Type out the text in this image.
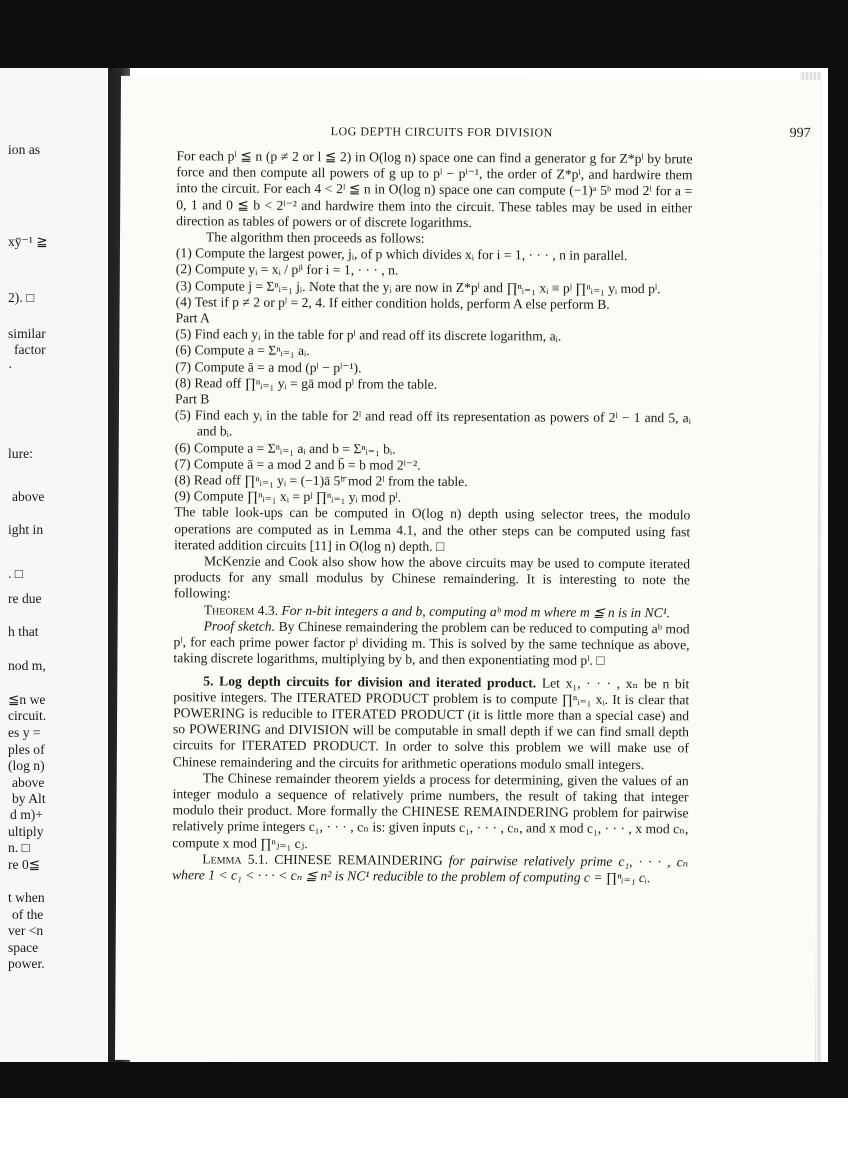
ion as
xȳ⁻¹ ≧
2). □
similar
factor
·
lure:
above
ight in
. □
re due
h that
nod m,
≦n we
circuit.
es y =
ples of
(log n)
above
by Alt
d m)+
ultiply
n. □
re 0≦
t when
of the
ver <n
space
power.
LOG DEPTH CIRCUITS FOR DIVISION	997

For each pˡ ≦ n (p ≠ 2 or l ≦ 2) in O(log n) space one can find a generator g for Z*pˡ by brute force and then compute all powers of g up to pˡ − pˡ⁻¹, the order of Z*pˡ, and hardwire them into the circuit. For each 4 < 2ˡ ≦ n in O(log n) space one can compute (−1)ᵃ 5ᵇ mod 2ˡ for a = 0, 1 and 0 ≦ b < 2ˡ⁻² and hardwire them into the circuit. These tables may be used in either direction as tables of powers or of discrete logarithms.

The algorithm then proceeds as follows:

(1) Compute the largest power, jᵢ, of p which divides xᵢ for i = 1, · · · , n in parallel.

(2) Compute yᵢ = xᵢ / pʲⁱ for i = 1, · · · , n.

(3) Compute j = Σⁿᵢ₌₁ jᵢ. Note that the yᵢ are now in Z*pˡ and ∏ⁿᵢ₌₁ xᵢ ≡ pʲ ∏ⁿᵢ₌₁ yᵢ mod pˡ.

(4) Test if p ≠ 2 or pˡ = 2, 4. If either condition holds, perform A else perform B.

Part A

(5) Find each yᵢ in the table for pˡ and read off its discrete logarithm, aᵢ.

(6) Compute a = Σⁿᵢ₌₁ aᵢ.

(7) Compute ā = a mod (pˡ − pˡ⁻¹).

(8) Read off ∏ⁿᵢ₌₁ yᵢ = gā mod pˡ from the table.

Part B

(5) Find each yᵢ in the table for 2ˡ and read off its representation as powers of 2ˡ − 1 and 5, aᵢ and bᵢ.

(6) Compute a = Σⁿᵢ₌₁ aᵢ and b = Σⁿᵢ₌₁ bᵢ.

(7) Compute ā = a mod 2 and b̄ = b mod 2ˡ⁻².

(8) Read off ∏ⁿᵢ₌₁ yᵢ = (−1)ā 5ᵇ̄ mod 2ˡ from the table.

(9) Compute ∏ⁿᵢ₌₁ xᵢ = pʲ ∏ⁿᵢ₌₁ yᵢ mod pˡ.

The table look-ups can be computed in O(log n) depth using selector trees, the modulo operations are computed as in Lemma 4.1, and the other steps can be computed using fast iterated addition circuits [11] in O(log n) depth. □

McKenzie and Cook also show how the above circuits may be used to compute iterated products for any small modulus by Chinese remaindering. It is interesting to note the following:

Theorem 4.3. For n-bit integers a and b, computing aᵇ mod m where m ≦ n is in NC¹.

Proof sketch. By Chinese remaindering the problem can be reduced to computing aᵇ mod pˡ, for each prime power factor pˡ dividing m. This is solved by the same technique as above, taking discrete logarithms, multiplying by b, and then exponentiating mod pˡ. □

5. Log depth circuits for division and iterated product. Let x₁, · · · , xₙ be n bit positive integers. The ITERATED PRODUCT problem is to compute ∏ⁿᵢ₌₁ xᵢ. It is clear that POWERING is reducible to ITERATED PRODUCT (it is little more than a special case) and so POWERING and DIVISION will be computable in small depth if we can find small depth circuits for ITERATED PRODUCT. In order to solve this problem we will make use of Chinese remaindering and the circuits for arithmetic operations modulo small integers.

The Chinese remainder theorem yields a process for determining, given the values of an integer modulo a sequence of relatively prime numbers, the result of taking that integer modulo their product. More formally the CHINESE REMAINDERING problem for pairwise relatively prime integers c₁, · · · , cₙ is: given inputs c₁, · · · , cₙ, and x mod c₁, · · · , x mod cₙ, compute x mod ∏ⁿⱼ₌₁ cⱼ.

Lemma 5.1. CHINESE REMAINDERING for pairwise relatively prime c₁, · · · , cₙ where 1 < c₁ < · · · < cₙ ≦ n² is NC¹ reducible to the problem of computing c = ∏ⁿᵢ₌₁ cᵢ.
